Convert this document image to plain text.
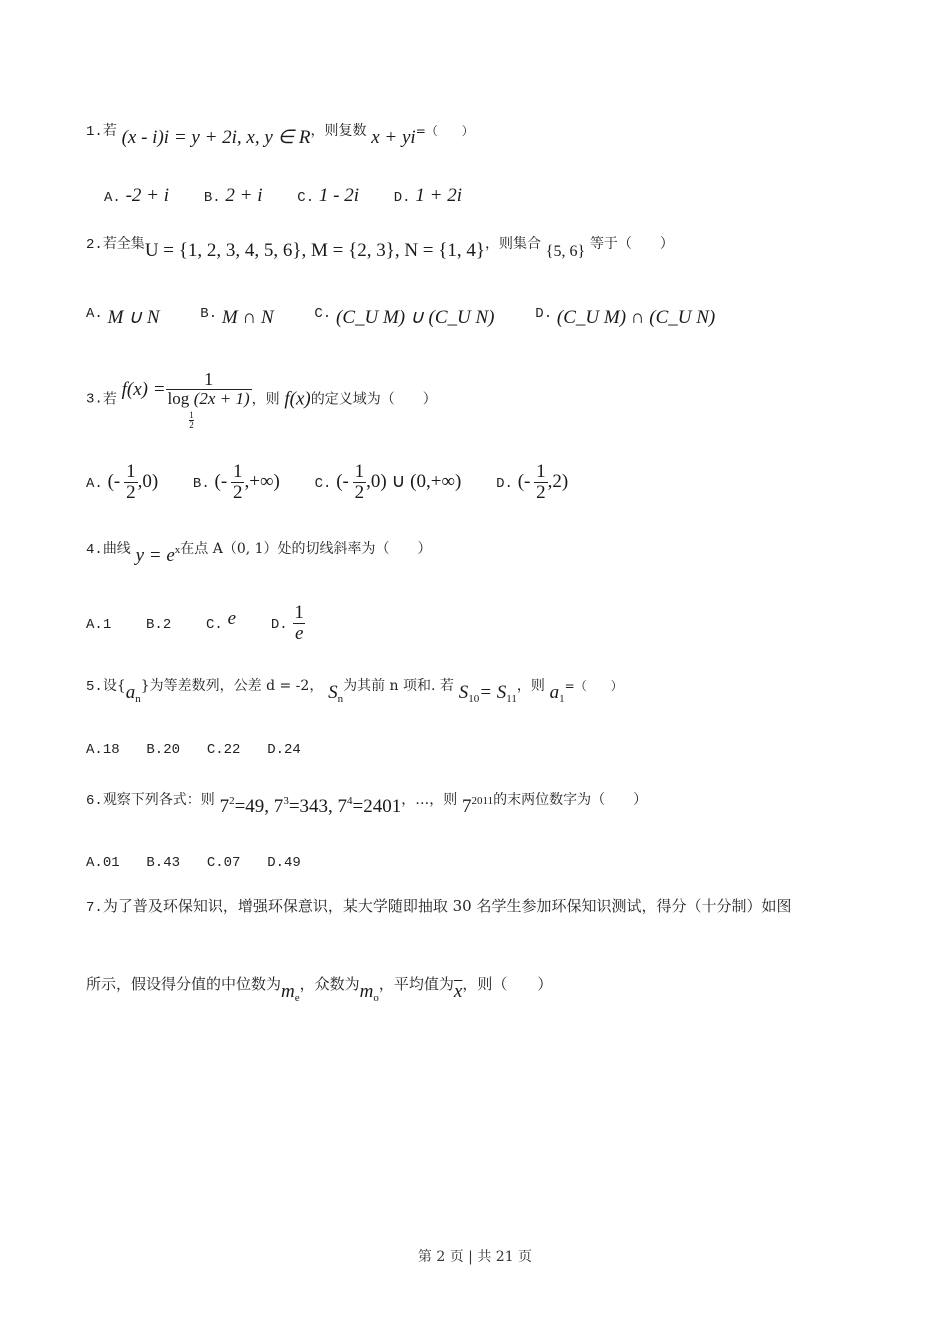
1.若 (x - i)i = y + 2i, x, y ∈ R，则复数 x + yi=（　　）
A. -2 + i B. 2 + i C. 1 - 2i D. 1 + 2i
2.若全集U = {1, 2, 3, 4, 5, 6}, M = {2, 3}, N = {1, 4}，则集合 {5, 6} 等于（　　）
A. M ∪ N	B. M ∩ N	C. (C_U M) ∪ (C_U N)	D. (C_U M) ∩ (C_U N)
3.若 f(x) = 1
log
$\frac{1}{2}$
(2x + 1) ，则 f(x)的定义域为（　　）
A. (-  $\frac{1}{2} ,0$) B. (-  $\frac{1}{2}$ ,+∞) C. (-  $\frac{1}{2} ,0$) ∪ (0,+∞) D. (-  $\frac{1}{2} ,2$)
4.曲线 $y = e^x$在点 A（0, 1）处的切线斜率为（　　）
A.1 B.2 C. e D. $\frac{1}{e}$
5.设$\{a_n\}$为等差数列，公差 d = -2， $S_n$为其前 n 项和. 若 $S_{10}= S_{11}$，则 $a_1=$（　　）
A.18 B.20 C.22 D.24
6.观察下列各式：则 $7^2=49$, $7^3=343$, $7^4=2401$，…，则 $7^{2011}$的末两位数字为（　　）
A.01 B.43 C.07 D.49
7.为了普及环保知识，增强环保意识，某大学随即抽取 30 名学生参加环保知识测试，得分（十分制）如图
所示，假设得分值的中位数为$m_e$，众数为$m_o$，平均值为$\overline{x}$，则（　　）
第 2 页 | 共 21 页
